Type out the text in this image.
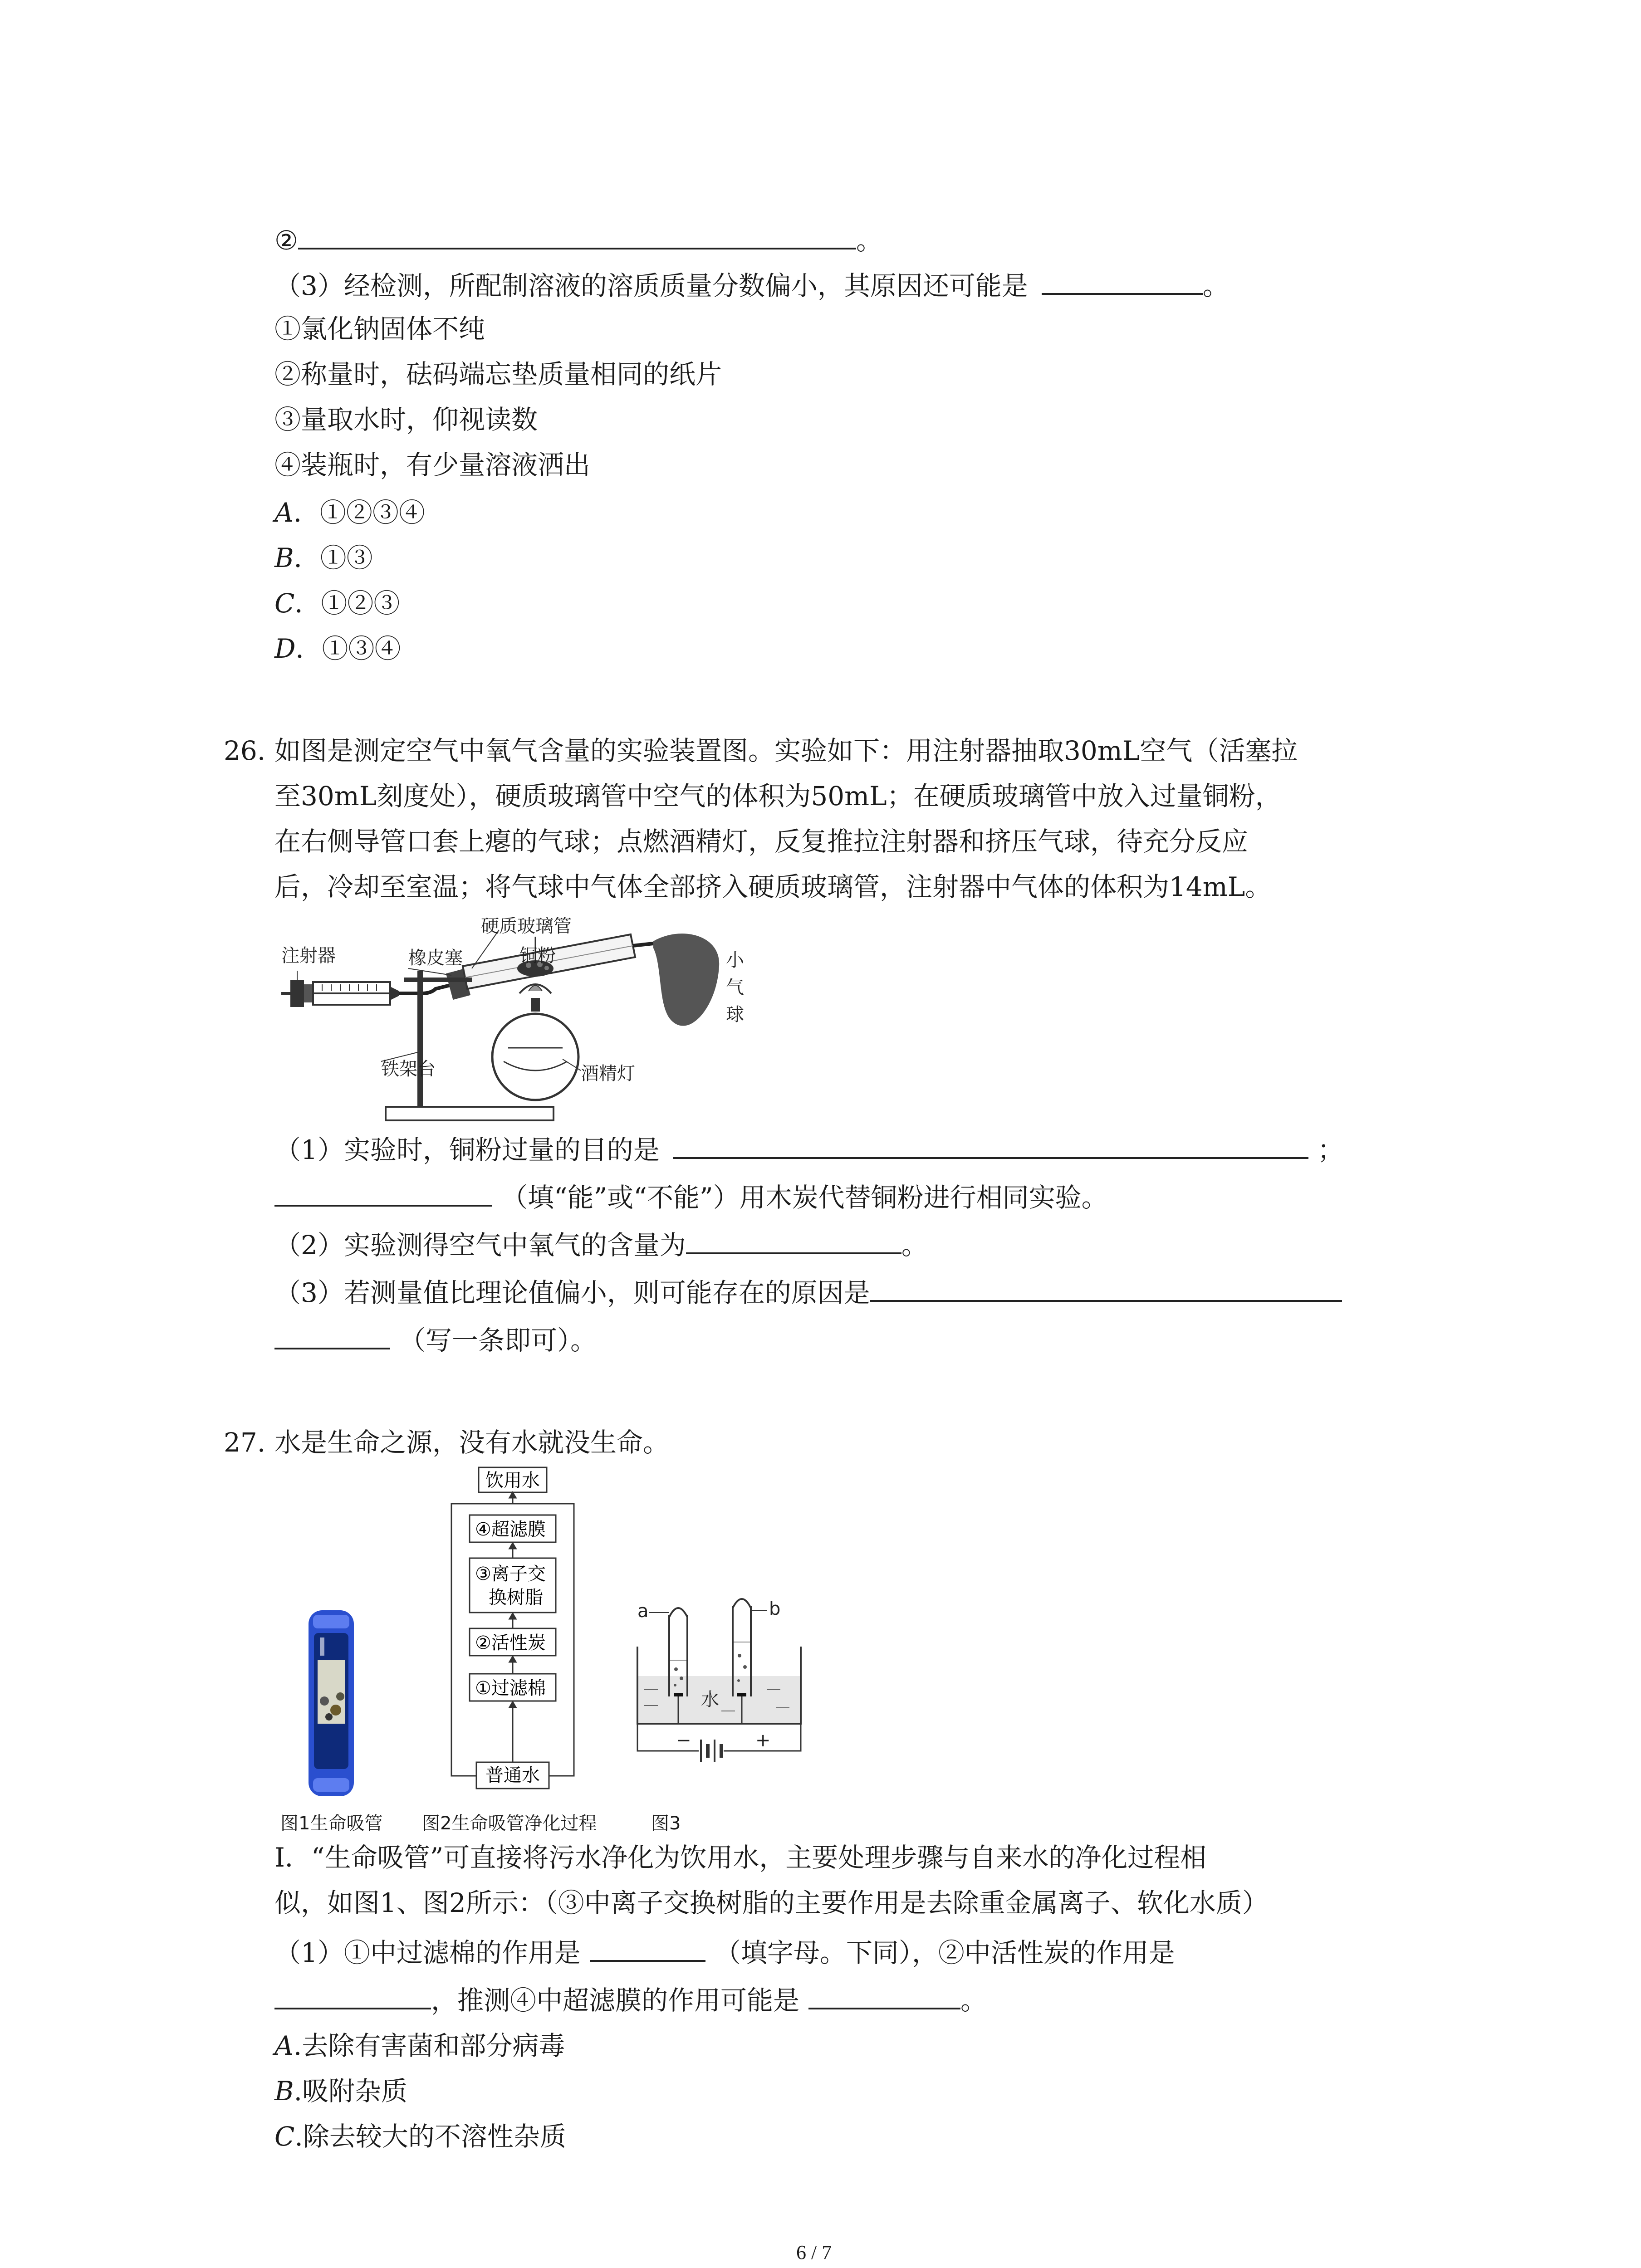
②	。
（3）经检测，所配制溶液的溶质质量分数偏小，其原因还可能是	。
①氯化钠固体不纯
②称量时，砝码端忘垫质量相同的纸片
③量取水时，仰视读数
④装瓶时，有少量溶液洒出
A．①②③④
B．①③
C．①②③
D．①③④
26. 如图是测定空气中氧气含量的实验装置图。实验如下：用注射器抽取30mL空气（活塞拉
至30mL刻度处），硬质玻璃管中空气的体积为50mL；在硬质玻璃管中放入过量铜粉，
在右侧导管口套上瘪的气球；点燃酒精灯，反复推拉注射器和挤压气球，待充分反应
后，冷却至室温；将气球中气体全部挤入硬质玻璃管，注射器中气体的体积为14mL。
注射器	橡皮塞
硬质玻璃管
铜粉	小
气
球
铁架台	酒精灯
（1）实验时，铜粉过量的目的是	；
（填“能”或“不能”）用木炭代替铜粉进行相同实验。
（2）实验测得空气中氧气的含量为	。
（3）若测量值比理论值偏小，则可能存在的原因是
（写一条即可）。
27. 水是生命之源，没有水就没生命。
饮用水
④超滤膜
③离子交
换树脂
②活性炭
①过滤棉
普通水
a	b
水
−	+
图1生命吸管 图2生命吸管净化过程	图3
Ⅰ．“生命吸管”可直接将污水净化为饮用水，主要处理步骤与自来水的净化过程相
似，如图1、图2所示：（③中离子交换树脂的主要作用是去除重金属离子、软化水质）
（1）①中过滤棉的作用是	（填字母。下同），②中活性炭的作用是
，推测④中超滤膜的作用可能是	。
A.去除有害菌和部分病毒
B.吸附杂质
C.除去较大的不溶性杂质
6 / 7
